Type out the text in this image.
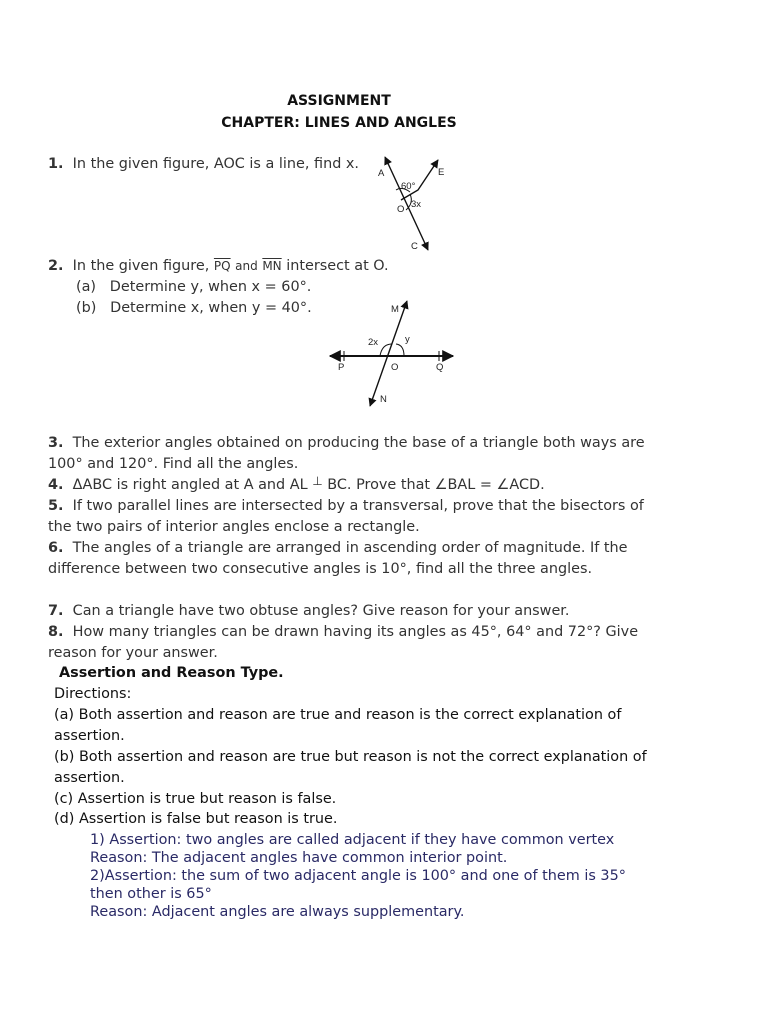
ASSIGNMENT
CHAPTER: LINES AND ANGLES
1. In the given figure, AOC is a line, find x.
A	E
60°
O 3x
C
2. In the given figure, $\overline{PQ}$ and $\overline{MN}$ intersect at O.
(a) Determine y, when x = 60°.
(b) Determine x, when y = 40°.	M
2x	y
P	O	Q
N
3. The exterior angles obtained on producing the base of a triangle both ways are
100° and 120°. Find all the angles.
4. ΔABC is right angled at A and AL ⊥ BC. Prove that ∠BAL = ∠ACD.
5. If two parallel lines are intersected by a transversal, prove that the bisectors of
the two pairs of interior angles enclose a rectangle.
6. The angles of a triangle are arranged in ascending order of magnitude. If the
difference between two consecutive angles is 10°, find all the three angles.
7. Can a triangle have two obtuse angles? Give reason for your answer.
8. How many triangles can be drawn having its angles as 45°, 64° and 72°? Give
reason for your answer.
Assertion and Reason Type.
Directions:
(a) Both assertion and reason are true and reason is the correct explanation of
assertion.
(b) Both assertion and reason are true but reason is not the correct explanation of
assertion.
(c) Assertion is true but reason is false.
(d) Assertion is false but reason is true.
1) Assertion: two angles are called adjacent if they have common vertex
Reason: The adjacent angles have common interior point.
2)Assertion: the sum of two adjacent angle is 100° and one of them is 35°
then other is 65°
Reason: Adjacent angles are always supplementary.
